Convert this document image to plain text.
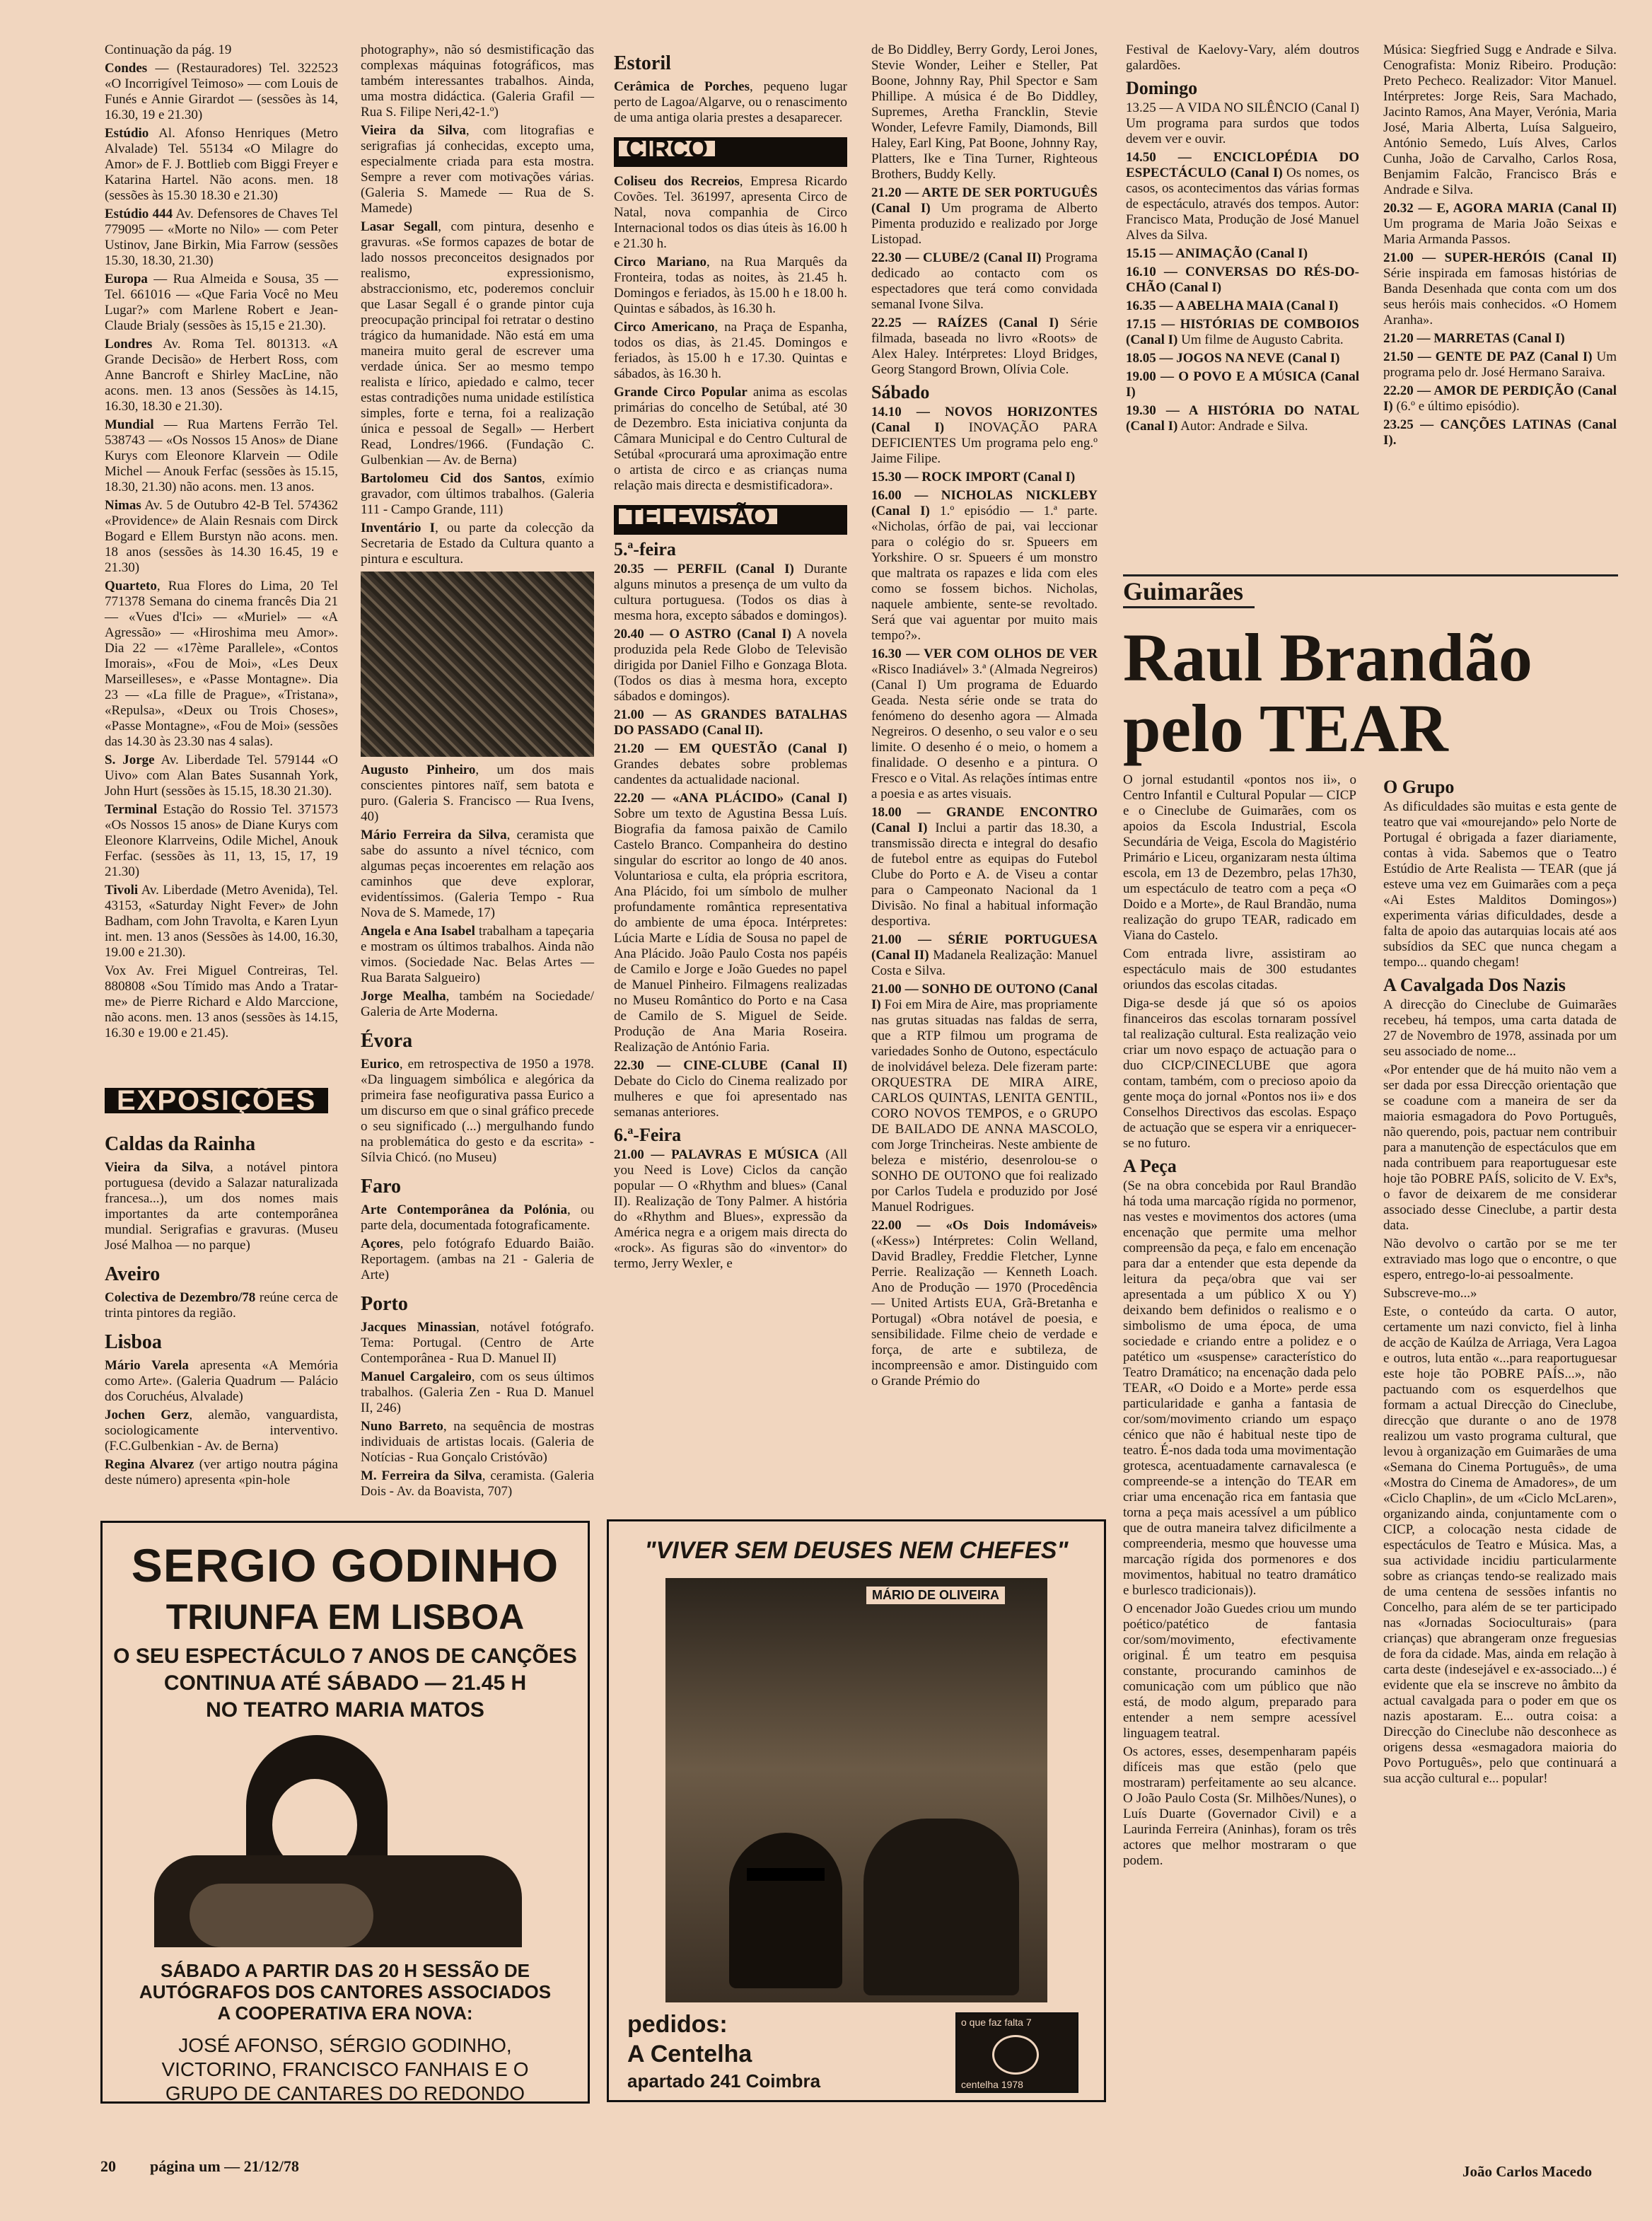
Continuação da pág. 19

Condes — (Restauradores) Tel. 322523 «O Incorrigível Teimoso» — com Louis de Funés e Annie Girardot — (sessões às 14, 16.30, 19 e 21.30)

Estúdio Al. Afonso Henriques (Metro Alvalade) Tel. 55134 «O Milagre do Amor» de F. J. Bottlieb com Biggi Freyer e Katarina Hartel. Não acons. men. 18 (sessões às 15.30 18.30 e 21.30)

Estúdio 444 Av. Defensores de Chaves Tel 779095 — «Morte no Nilo» — com Peter Ustinov, Jane Birkin, Mia Farrow (sessões 15.30, 18.30, 21.30)

Europa — Rua Almeida e Sousa, 35 — Tel. 661016 — «Que Faria Você no Meu Lugar?» com Marlene Robert e Jean-Claude Brialy (sessões às 15,15 e 21.30).

Londres Av. Roma Tel. 801313. «A Grande Decisão» de Herbert Ross, com Anne Bancroft e Shirley MacLine, não acons. men. 13 anos (Sessões às 14.15, 16.30, 18.30 e 21.30).

Mundial — Rua Martens Ferrão Tel. 538743 — «Os Nossos 15 Anos» de Diane Kurys com Eleonore Klarvein — Odile Michel — Anouk Ferfac (sessões às 15.15, 18.30, 21.30) não acons. men. 13 anos.

Nimas Av. 5 de Outubro 42-B Tel. 574362 «Providence» de Alain Resnais com Dirck Bogard e Ellem Burstyn não acons. men. 18 anos (sessões às 14.30 16.45, 19 e 21.30)

Quarteto, Rua Flores do Lima, 20 Tel 771378 Semana do cinema francês Dia 21 — «Vues d'Ici» — «Muriel» — «A Agressão» — «Hiroshima meu Amor». Dia 22 — «17ème Parallele», «Contos Imorais», «Fou de Moi», «Les Deux Marseilleses», e «Passe Montagne». Dia 23 — «La fille de Prague», «Tristana», «Repulsa», «Deux ou Trois Choses», «Passe Montagne», «Fou de Moi» (sessões das 14.30 às 23.30 nas 4 salas).

S. Jorge Av. Liberdade Tel. 579144 «O Uivo» com Alan Bates Susannah York, John Hurt (sessões às 15.15, 18.30 21.30).

Terminal Estação do Rossio Tel. 371573 «Os Nossos 15 anos» de Diane Kurys com Eleonore Klarrveins, Odile Michel, Anouk Ferfac. (sessões às 11, 13, 15, 17, 19 21.30)

Tivoli Av. Liberdade (Metro Avenida), Tel. 43153, «Saturday Night Fever» de John Badham, com John Travolta, e Karen Lyun int. men. 13 anos (Sessões às 14.00, 16.30, 19.00 e 21.30).

Vox Av. Frei Miguel Contreiras, Tel. 880808 «Sou Tímido mas Ando a Tratar-me» de Pierre Richard e Aldo Marccione, não acons. men. 13 anos (sessões às 14.15, 16.30 e 19.00 e 21.45).

EXPOSIÇÕES
Caldas da Rainha

Vieira da Silva, a notável pintora portuguesa (devido a Salazar naturalizada francesa...), um dos nomes mais importantes da arte contemporânea mundial. Serigrafias e gravuras. (Museu José Malhoa — no parque)

Aveiro

Colectiva de Dezembro/78 reúne cerca de trinta pintores da região.

Lisboa

Mário Varela apresenta «A Memória como Arte». (Galeria Quadrum — Palácio dos Coruchéus, Alvalade)

Jochen Gerz, alemão, vanguardista, sociologicamente interventivo. (F.C.Gulbenkian - Av. de Berna)

Regina Alvarez (ver artigo noutra página deste número) apresenta «pin-hole

photography», não só desmistificação das complexas máquinas fotográficos, mas também interessantes trabalhos. Ainda, uma mostra didáctica. (Galeria Grafil — Rua S. Filipe Neri,42-1.º)

Vieira da Silva, com litografias e serigrafias já conhecidas, excepto uma, especialmente criada para esta mostra. Sempre a rever com motivações várias. (Galeria S. Mamede — Rua de S. Mamede)

Lasar Segall, com pintura, desenho e gravuras. «Se formos capazes de botar de lado nossos preconceitos designados por realismo, expressionismo, abstraccionismo, etc, poderemos concluir que Lasar Segall é o grande pintor cuja preocupação principal foi retratar o destino trágico da humanidade. Não está em uma maneira muito geral de escrever uma verdade única. Ser ao mesmo tempo realista e lírico, apiedado e calmo, tecer estas contradições numa unidade estilística simples, forte e terna, foi a realização única e pessoal de Segall» — Herbert Read, Londres/1966. (Fundação C. Gulbenkian — Av. de Berna)

Bartolomeu Cid dos Santos, exímio gravador, com últimos trabalhos. (Galeria 111 - Campo Grande, 111)

Inventário I, ou parte da colecção da Secretaria de Estado da Cultura quanto a pintura e escultura.

Augusto Pinheiro, um dos mais conscientes pintores naïf, sem batota e puro. (Galeria S. Francisco — Rua Ivens, 40)

Mário Ferreira da Silva, ceramista que sabe do assunto a nível técnico, com algumas peças incoerentes em relação aos caminhos que deve explorar, evidentíssimos. (Galeria Tempo - Rua Nova de S. Mamede, 17)

Angela e Ana Isabel trabalham a tapeçaria e mostram os últimos trabalhos. Ainda não vimos. (Sociedade Nac. Belas Artes — Rua Barata Salgueiro)

Jorge Mealha, também na Sociedade/ Galeria de Arte Moderna.

Évora

Eurico, em retrospectiva de 1950 a 1978. «Da linguagem simbólica e alegórica da primeira fase neofigurativa passa Eurico a um discurso em que o sinal gráfico precede o seu significado (...) mergulhando fundo na problemática do gesto e da escrita» - Sílvia Chicó. (no Museu)

Faro

Arte Contemporânea da Polónia, ou parte dela, documentada fotograficamente.

Açores, pelo fotógrafo Eduardo Baião. Reportagem. (ambas na 21 - Galeria de Arte)

Porto

Jacques Minassian, notável fotógrafo. Tema: Portugal. (Centro de Arte Contemporânea - Rua D. Manuel II)

Manuel Cargaleiro, com os seus últimos trabalhos. (Galeria Zen - Rua D. Manuel II, 246)

Nuno Barreto, na sequência de mostras individuais de artistas locais. (Galeria de Notícias - Rua Gonçalo Cristóvão)

M. Ferreira da Silva, ceramista. (Galeria Dois - Av. da Boavista, 707)

Estoril

Cerâmica de Porches, pequeno lugar perto de Lagoa/Algarve, ou o renascimento de uma antiga olaria prestes a desaparecer.

CIRCO

Coliseu dos Recreios, Empresa Ricardo Covões. Tel. 361997, apresenta Circo de Natal, nova companhia de Circo Internacional todos os dias úteis às 16.00 h e 21.30 h.

Circo Mariano, na Rua Marquês da Fronteira, todas as noites, às 21.45 h. Domingos e feriados, às 15.00 h e 18.00 h. Quintas e sábados, às 16.30 h.

Circo Americano, na Praça de Espanha, todos os dias, às 21.45. Domingos e feriados, às 15.00 h e 17.30. Quintas e sábados, às 16.30 h.

Grande Circo Popular anima as escolas primárias do concelho de Setúbal, até 30 de Dezembro. Esta iniciativa conjunta da Câmara Municipal e do Centro Cultural de Setúbal «procurará uma aproximação entre o artista de circo e as crianças numa relação mais directa e desmistificadora».

TELEVISÃO
5.ª-feira

20.35 — PERFIL (Canal I) Durante alguns minutos a presença de um vulto da cultura portuguesa. (Todos os dias à mesma hora, excepto sábados e domingos).

20.40 — O ASTRO (Canal I) A novela produzida pela Rede Globo de Televisão dirigida por Daniel Filho e Gonzaga Blota. (Todos os dias à mesma hora, excepto sábados e domingos).

21.00 — AS GRANDES BATALHAS DO PASSADO (Canal II).

21.20 — EM QUESTÃO (Canal I) Grandes debates sobre problemas candentes da actualidade nacional.

22.20 — «ANA PLÁCIDO» (Canal I) Sobre um texto de Agustina Bessa Luís. Biografia da famosa paixão de Camilo Castelo Branco. Companheira do destino singular do escritor ao longo de 40 anos. Voluntariosa e culta, ela própria escritora, Ana Plácido, foi um símbolo de mulher profundamente romântica representativa do ambiente de uma época. Intérpretes: Lúcia Marte e Lídia de Sousa no papel de Ana Plácido. João Paulo Costa nos papéis de Camilo e Jorge e João Guedes no papel de Manuel Pinheiro. Filmagens realizadas no Museu Romântico do Porto e na Casa de Camilo de S. Miguel de Seide. Produção de Ana Maria Roseira. Realização de António Faria.

22.30 — CINE-CLUBE (Canal II) Debate do Ciclo do Cinema realizado por mulheres e que foi apresentado nas semanas anteriores.

6.ª-Feira

21.00 — PALAVRAS E MÚSICA (All you Need is Love) Ciclos da canção popular — O «Rhythm and blues» (Canal II). Realização de Tony Palmer. A história do «Rhythm and Blues», expressão da América negra e a origem mais directa do «rock». As figuras são do «inventor» do termo, Jerry Wexler, e

de Bo Diddley, Berry Gordy, Leroi Jones, Stevie Wonder, Leiher e Steller, Pat Boone, Johnny Ray, Phil Spector e Sam Phillipe. A música é de Bo Diddley, Supremes, Aretha Francklin, Stevie Wonder, Lefevre Family, Diamonds, Bill Haley, Earl King, Pat Boone, Johnny Ray, Platters, Ike e Tina Turner, Righteous Brothers, Buddy Kelly.

21.20 — ARTE DE SER PORTUGUÊS (Canal I) Um programa de Alberto Pimenta produzido e realizado por Jorge Listopad.

22.30 — CLUBE/2 (Canal II) Programa dedicado ao contacto com os espectadores que terá como convidada semanal Ivone Silva.

22.25 — RAÍZES (Canal I) Série filmada, baseada no livro «Roots» de Alex Haley. Intérpretes: Lloyd Bridges, Georg Stangord Brown, Olívia Cole.

Sábado

14.10 — NOVOS HORIZONTES (Canal I) INOVAÇÃO PARA DEFICIENTES Um programa pelo eng.º Jaime Filipe.

15.30 — ROCK IMPORT (Canal I)

16.00 — NICHOLAS NICKLEBY (Canal I) 1.º episódio — 1.ª parte. «Nicholas, órfão de pai, vai leccionar para o colégio do sr. Spueers em Yorkshire. O sr. Spueers é um monstro que maltrata os rapazes e lida com eles como se fossem bichos. Nicholas, naquele ambiente, sente-se revoltado. Será que vai aguentar por muito mais tempo?».

16.30 — VER COM OLHOS DE VER «Risco Inadiável» 3.ª (Almada Negreiros) (Canal I) Um programa de Eduardo Geada. Nesta série onde se trata do fenómeno do desenho agora — Almada Negreiros. O desenho, o seu valor e o seu limite. O desenho é o meio, o homem a finalidade. O desenho e a pintura. O Fresco e o Vital. As relações íntimas entre a poesia e as artes visuais.

18.00 — GRANDE ENCONTRO (Canal I) Inclui a partir das 18.30, a transmissão directa e integral do desafio de futebol entre as equipas do Futebol Clube do Porto e A. de Viseu a contar para o Campeonato Nacional da 1 Divisão. No final a habitual informação desportiva.

21.00 — SÉRIE PORTUGUESA (Canal II) Madanela Realização: Manuel Costa e Silva.

21.00 — SONHO DE OUTONO (Canal I) Foi em Mira de Aire, mas propriamente nas grutas situadas nas faldas de serra, que a RTP filmou um programa de variedades Sonho de Outono, espectáculo de inolvidável beleza. Dele fizeram parte: ORQUESTRA DE MIRA AIRE, CARLOS QUINTAS, LENITA GENTIL, CORO NOVOS TEMPOS, e o GRUPO DE BAILADO DE ANNA MASCOLO, com Jorge Trincheiras. Neste ambiente de beleza e mistério, desenrolou-se o SONHO DE OUTONO que foi realizado por Carlos Tudela e produzido por José Manuel Rodrigues.

22.00 — «Os Dois Indomáveis» («Kess») Intérpretes: Colin Welland, David Bradley, Freddie Fletcher, Lynne Perrie. Realização — Kenneth Loach. Ano de Produção — 1970 (Procedência — United Artists EUA, Grã-Bretanha e Portugal) «Obra notável de poesia, e sensibilidade. Filme cheio de verdade e força, de arte e subtileza, de incompreensão e amor. Distinguido com o Grande Prémio do

Festival de Kaelovy-Vary, além doutros galardões.

Domingo

13.25 — A VIDA NO SILÊNCIO (Canal I) Um programa para surdos que todos devem ver e ouvir.

14.50 — ENCICLOPÉDIA DO ESPECTÁCULO (Canal I) Os nomes, os casos, os acontecimentos das várias formas de espectáculo, através dos tempos. Autor: Francisco Mata, Produção de José Manuel Alves da Silva.

15.15 — ANIMAÇÃO (Canal I)

16.10 — CONVERSAS DO RÉS-DO-CHÃO (Canal I)

16.35 — A ABELHA MAIA (Canal I)

17.15 — HISTÓRIAS DE COMBOIOS (Canal I) Um filme de Augusto Cabrita.

18.05 — JOGOS NA NEVE (Canal I)

19.00 — O POVO E A MÚSICA (Canal I)

19.30 — A HISTÓRIA DO NATAL (Canal I) Autor: Andrade e Silva.

Música: Siegfried Sugg e Andrade e Silva. Cenografista: Moniz Ribeiro. Produção: Preto Pecheco. Realizador: Vitor Manuel. Intérpretes: Jorge Reis, Sara Machado, Jacinto Ramos, Ana Mayer, Verónia, Maria José, Maria Alberta, Luísa Salgueiro, António Semedo, Luís Alves, Carlos Cunha, João de Carvalho, Carlos Rosa, Benjamim Falcão, Francisco Brás e Andrade e Silva.

20.32 — E, AGORA MARIA (Canal II) Um programa de Maria João Seixas e Maria Armanda Passos.

21.00 — SUPER-HERÓIS (Canal II) Série inspirada em famosas histórias de Banda Desenhada que conta com um dos seus heróis mais conhecidos. «O Homem Aranha».

21.20 — MARRETAS (Canal I)

21.50 — GENTE DE PAZ (Canal I) Um programa pelo dr. José Hermano Saraiva.

22.20 — AMOR DE PERDIÇÃO (Canal I) (6.º e último episódio).

23.25 — CANÇÕES LATINAS (Canal I).

Guimarães
Raul Brandão pelo TEAR

O jornal estudantil «pontos nos ii», o Centro Infantil e Cultural Popular — CICP e o Cineclube de Guimarães, com os apoios da Escola Industrial, Escola Secundária de Veiga, Escola do Magistério Primário e Liceu, organizaram nesta última escola, em 13 de Dezembro, pelas 17h30, um espectáculo de teatro com a peça «O Doido e a Morte», de Raul Brandão, numa realização do grupo TEAR, radicado em Viana do Castelo.

Com entrada livre, assistiram ao espectáculo mais de 300 estudantes oriundos das escolas citadas.

Diga-se desde já que só os apoios financeiros das escolas tornaram possível tal realização cultural. Esta realização veio criar um novo espaço de actuação para o duo CICP/CINECLUBE que agora contam, também, com o precioso apoio da gente moça do jornal «Pontos nos ii» e dos Conselhos Directivos das escolas. Espaço de actuação que se espera vir a enriquecer-se no futuro.

A Peça

(Se na obra concebida por Raul Brandão há toda uma marcação rígida no pormenor, nas vestes e movimentos dos actores (uma encenação que permite uma melhor compreensão da peça, e falo em encenação para dar a entender que esta depende da leitura da peça/obra que vai ser apresentada a um público X ou Y) deixando bem definidos o realismo e o simbolismo de uma época, de uma sociedade e criando entre a polidez e o patético um «suspense» característico do Teatro Dramático; na encenação dada pelo TEAR, «O Doido e a Morte» perde essa particularidade e ganha a fantasia de cor/som/movimento criando um espaço cénico que não é habitual neste tipo de teatro. É-nos dada toda uma movimentação grotesca, acentuadamente carnavalesca (e compreende-se a intenção do TEAR em criar uma encenação rica em fantasia que torna a peça mais acessível a um público que de outra maneira talvez dificilmente a compreenderia, mesmo que houvesse uma marcação rígida dos pormenores e dos movimentos, habitual no teatro dramático e burlesco tradicionais)).

O encenador João Guedes criou um mundo poético/patético de fantasia cor/som/movimento, efectivamente original. É um teatro em pesquisa constante, procurando caminhos de comunicação com um público que não está, de modo algum, preparado para entender a nem sempre acessível linguagem teatral.

Os actores, esses, desempenharam papéis difíceis mas que estão (pelo que mostraram) perfeitamente ao seu alcance. O João Paulo Costa (Sr. Milhões/Nunes), o Luís Duarte (Governador Civil) e a Laurinda Ferreira (Aninhas), foram os três actores que melhor mostraram o que podem.

O Grupo

As dificuldades são muitas e esta gente de teatro que vai «mourejando» pelo Norte de Portugal é obrigada a fazer diariamente, contas à vida. Sabemos que o Teatro Estúdio de Arte Realista — TEAR (que já esteve uma vez em Guimarães com a peça «Ai Estes Malditos Domingos») experimenta várias dificuldades, desde a falta de apoio das autarquias locais até aos subsídios da SEC que nunca chegam a tempo... quando chegam!

A Cavalgada Dos Nazis

A direcção do Cineclube de Guimarães recebeu, há tempos, uma carta datada de 27 de Novembro de 1978, assinada por um seu associado de nome...

«Por entender que de há muito não vem a ser dada por essa Direcção orientação que se coadune com a maneira de ser da maioria esmagadora do Povo Português, não querendo, pois, pactuar nem contribuir para a manutenção de espectáculos que em nada contribuem para reaportuguesar este hoje tão POBRE PAÍS, solicito de V. Exªs, o favor de deixarem de me considerar associado desse Cineclube, a partir desta data.

Não devolvo o cartão por se me ter extraviado mas logo que o encontre, o que espero, entrego-lo-ai pessoalmente.

Subscreve-mo...»

Este, o conteúdo da carta. O autor, certamente um nazi convicto, fiel à linha de acção de Kaúlza de Arriaga, Vera Lagoa e outros, luta então «...para reaportuguesar este hoje tão POBRE PAÍS...», não pactuando com os esquerdelhos que formam a actual Direcção do Cineclube, direcção que durante o ano de 1978 realizou um vasto programa cultural, que levou à organização em Guimarães de uma «Semana do Cinema Português», de uma «Mostra do Cinema de Amadores», de um «Ciclo Chaplin», de um «Ciclo McLaren», organizando ainda, conjuntamente com o CICP, a colocação nesta cidade de espectáculos de Teatro e Música. Mas, a sua actividade incidiu particularmente sobre as crianças tendo-se realizado mais de uma centena de sessões infantis no Concelho, para além de se ter participado nas «Jornadas Socioculturais» (para crianças) que abrangeram onze freguesias de fora da cidade. Mas, ainda em relação à carta deste (indesejável e ex-associado...) é evidente que ela se inscreve no âmbito da actual cavalgada para o poder em que os nazis apostaram. E... outra coisa: a Direcção do Cineclube não desconhece as origens dessa «esmagadora maioria do Povo Português», pelo que continuará a sua acção cultural e... popular!

João Carlos Macedo
SERGIO GODINHO
TRIUNFA EM LISBOA
O SEU ESPECTÁCULO 7 ANOS DE CANÇÕES
CONTINUA ATÉ SÁBADO — 21.45 H
NO TEATRO MARIA MATOS
SÁBADO A PARTIR DAS 20 H SESSÃO DE AUTÓGRAFOS DOS CANTORES ASSOCIADOS A COOPERATIVA ERA NOVA:
JOSÉ AFONSO, SÉRGIO GODINHO, VICTORINO, FRANCISCO FANHAIS E O GRUPO DE CANTARES DO REDONDO
"VIVER SEM DEUSES NEM CHEFES"
MÁRIO DE OLIVEIRA
pedidos:
A Centelha
apartado 241 Coimbra
o que faz falta 7
centelha 1978
20 página um — 21/12/78
